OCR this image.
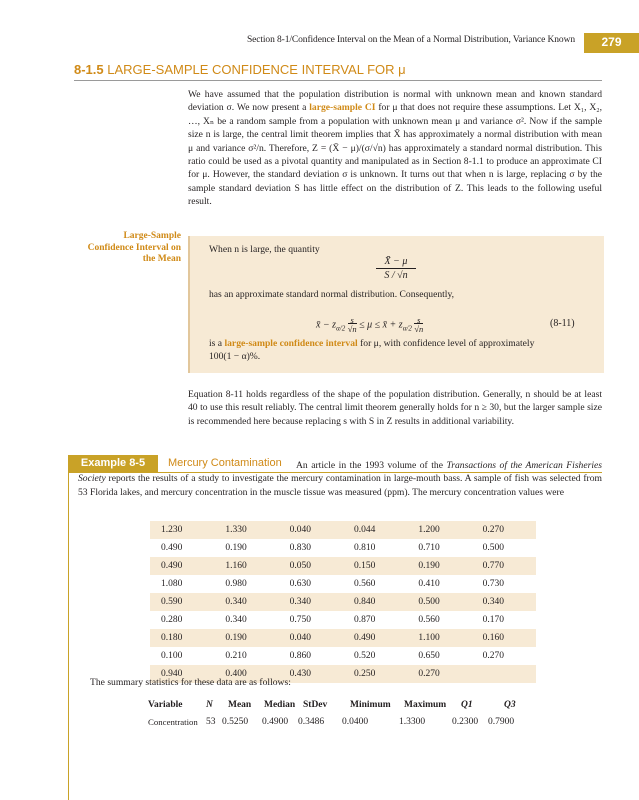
Section 8-1/Confidence Interval on the Mean of a Normal Distribution, Variance Known	279
8-1.5 LARGE-SAMPLE CONFIDENCE INTERVAL FOR μ
We have assumed that the population distribution is normal with unknown mean and known standard deviation σ. We now present a large-sample CI for μ that does not require these assumptions. Let X₁, X₂, …, Xₙ be a random sample from a population with unknown mean μ and variance σ². Now if the sample size n is large, the central limit theorem implies that X̄ has approximately a normal distribution with mean μ and variance σ²/n. Therefore, Z = (X̄ − μ)/(σ/√n) has approximately a standard normal distribution. This ratio could be used as a pivotal quantity and manipulated as in Section 8-1.1 to produce an approximate CI for μ. However, the standard deviation σ is unknown. It turns out that when n is large, replacing σ by the sample standard deviation S has little effect on the distribution of Z. This leads to the following useful result.
Large-Sample Confidence Interval on the Mean
When n is large, the quantity
X̄ − μ
S / √n
has an approximate standard normal distribution. Consequently,
x̄ − $z_{\alpha/2} \frac{s}{√n} \le \mu$ ≤ x̄ + $z_{\alpha/2} \frac{s}{√n}$	(8-11)
is a large-sample confidence interval for μ, with confidence level of approximately
100(1 − α)%.
Equation 8-11 holds regardless of the shape of the population distribution. Generally, n should be at least 40 to use this result reliably. The central limit theorem generally holds for n ≥ 30, but the larger sample size is recommended here because replacing s with S in Z results in additional variability.
Example 8-5	Mercury Contamination	An article in the 1993 volume of the Transactions of the American Fisheries Society reports the results of a study to investigate the mercury contamination in large-mouth bass. A sample of fish was selected from 53 Florida lakes, and mercury concentration in the muscle tissue was measured (ppm). The mercury concentration values were
1.230	1.330	0.040	0.044	1.200	0.270
0.490	0.190	0.830	0.810	0.710	0.500
0.490	1.160	0.050	0.150	0.190	0.770
1.080	0.980	0.630	0.560	0.410	0.730
0.590	0.340	0.340	0.840	0.500	0.340
0.280	0.340	0.750	0.870	0.560	0.170
0.180	0.190	0.040	0.490	1.100	0.160
0.100	0.210	0.860	0.520	0.650	0.270
0.940	0.400	0.430	0.250	0.270	
The summary statistics for these data are as follows:
Variable N Mean Median StDev Minimum Maximum Q1	Q3
Concentration 53 0.5250 0.4900 0.3486 0.0400	1.3300	0.2300 0.7900
